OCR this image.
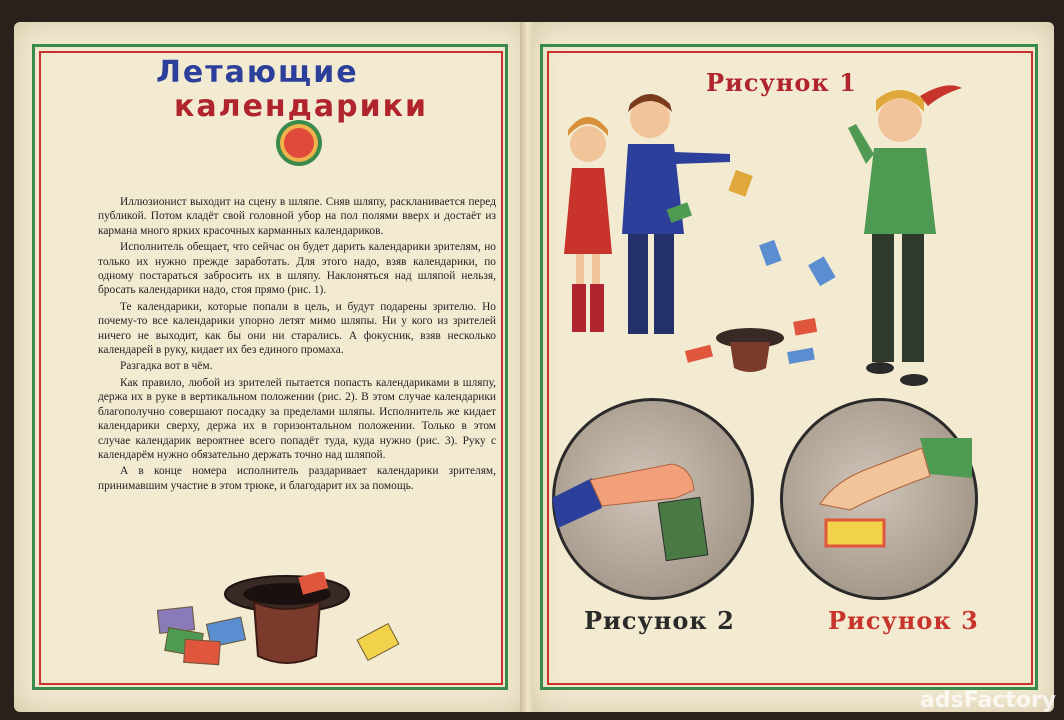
Летающие
календарики

Иллюзионист выходит на сцену в шляпе. Сняв шляпу, раскланивается перед публикой. Потом кладёт свой головной убор на пол полями вверх и достаёт из кармана много ярких красочных карманных календариков.

Исполнитель обещает, что сейчас он будет дарить календарики зрителям, но только их нужно прежде заработать. Для этого надо, взяв календарики, по одному постараться забросить их в шляпу. Наклоняться над шляпой нельзя, бросать календарики надо, стоя прямо (рис. 1).

Те календарики, которые попали в цель, и будут подарены зрителю. Но почему-то все календарики упорно летят мимо шляпы. Ни у кого из зрителей ничего не выходит, как бы они ни старались. А фокусник, взяв несколько календарей в руку, кидает их без единого промаха.

Разгадка вот в чём.

Как правило, любой из зрителей пытается попасть календариками в шляпу, держа их в руке в вертикальном положении (рис. 2). В этом случае календарики благополучно совершают посадку за пределами шляпы. Исполнитель же кидает календарики сверху, держа их в горизонтальном положении. Только в этом случае календарик вероятнее всего попадёт туда, куда нужно (рис. 3). Руку с календарём нужно обязательно держать точно над шляпой.

А в конце номера исполнитель раздаривает календарики зрителям, принимавшим участие в этом трюке, и благодарит их за помощь.

Рисунок 1
Рисунок 2	Рисунок 3
adsFactory
